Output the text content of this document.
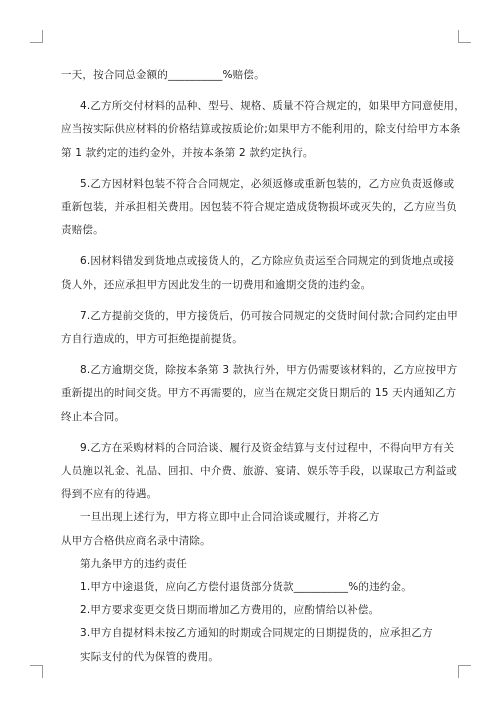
一天，按合同总金额的__________%赔偿。

4.乙方所交付材料的品种、型号、规格、质量不符合规定的，如果甲方同意使用，

应当按实际供应材料的价格结算或按质论价;如果甲方不能利用的，除支付给甲方本条

第 1 款约定的违约金外，并按本条第 2 款约定执行。

5.乙方因材料包装不符合合同规定，必须返修或重新包装的，乙方应负责返修或

重新包装，并承担相关费用。因包装不符合规定造成货物损坏或灭失的，乙方应当负

责赔偿。

6.因材料错发到货地点或接货人的，乙方除应负责运至合同规定的到货地点或接

货人外，还应承担甲方因此发生的一切费用和逾期交货的违约金。

7.乙方提前交货的，甲方接货后，仍可按合同规定的交货时间付款;合同约定由甲

方自行造成的，甲方可拒绝提前提货。

8.乙方逾期交货，除按本条第 3 款执行外，甲方仍需要该材料的，乙方应按甲方

重新提出的时间交货。甲方不再需要的，应当在规定交货日期后的 15 天内通知乙方

终止本合同。

9.乙方在采购材料的合同洽谈、履行及资金结算与支付过程中，不得向甲方有关

人员施以礼金、礼品、回扣、中介费、旅游、宴请、娱乐等手段，以谋取己方利益或

得到不应有的待遇。

一旦出现上述行为，甲方将立即中止合同洽谈或履行，并将乙方

从甲方合格供应商名录中清除。

第九条甲方的违约责任

1.甲方中途退货，应向乙方偿付退货部分货款__________%的违约金。

2.甲方要求变更交货日期而增加乙方费用的，应酌情给以补偿。

3.甲方自提材料未按乙方通知的时期或合同规定的日期提货的，应承担乙方

实际支付的代为保管的费用。
